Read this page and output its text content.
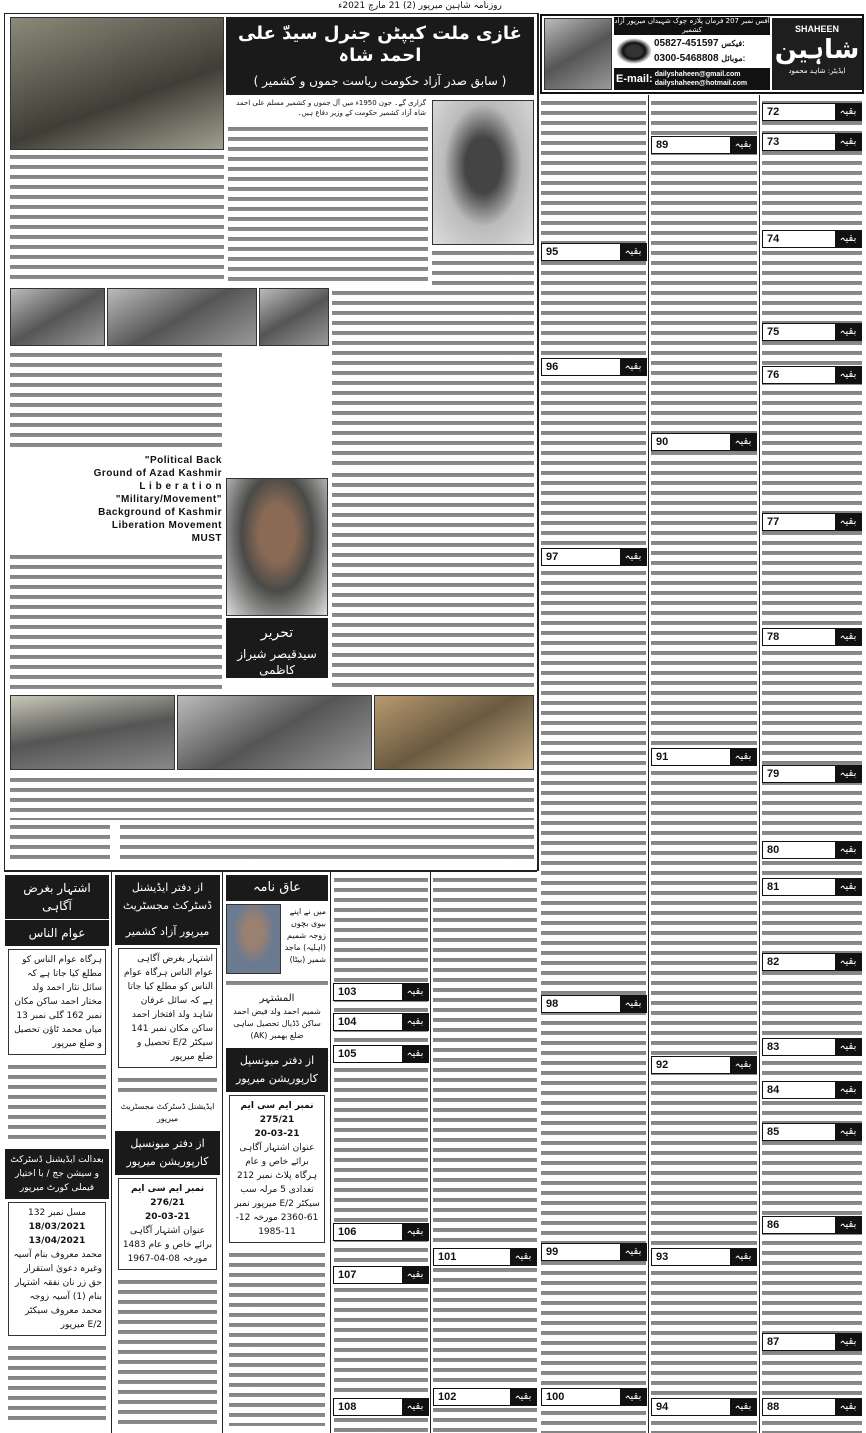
روزنامہ شاہین میرپور (2) 21 مارچ 2021ء
آفس نمبر 207 فرمان پلازہ چوک شہیداں میرپور آزاد کشمیر
05827-451597 فیکس:
0300-5468808 موبائل:
E-mail: dailyshaheen@gmail.com
dailyshaheen@hotmail.com
SHAHEEN
شاہین
ایڈیٹر: شاہد محمود
غازی ملت کیپٹن جنرل سیدّ علی احمد شاہ
( سابق صدر آزاد حکومت ریاست جموں و کشمیر )
گزاری گے۔ جون 1950ء میں آل جموں و کشمیر مسلم علی احمد شاہ آزاد کشمیر حکومت کے وزیر دفاع ہیں۔
"Political Back
Ground of Azad Kashmir
L i b e r a t i o n
"Military/Movement"
Background of Kashmir
Liberation Movement
MUST
تحریر
سیدقیصر شیراز کاظمی
اشتہار بغرض آگاہی
عوام الناس
ہرگاہ عوام الناس کو مطلع کیا جاتا ہے کہ سائل نثار احمد ولد مختار احمد ساکن مکان نمبر 162 گلی نمبر 13 میاں محمد ٹاؤن تحصیل و ضلع میرپور
بعدالت ایڈیشنل ڈسٹرکٹ و سیشن جج / با اختیار فیملی کورٹ میرپور
مسل نمبر 132
18/03/2021
13/04/2021
محمد معروف بنام آسیہ وغیرہ دعویٰ استقرار حق زر نان نفقہ اشتہار بنام (1) آسیہ زوجہ محمد معروف سیکٹر E/2 میرپور
از دفتر ایڈیشنل ڈسٹرکٹ مجسٹریٹ
میرپور آزاد کشمیر
اشتہار بغرض آگاہی عوام الناس ہرگاہ عوام الناس کو مطلع کیا جاتا ہے کہ سائل عرفان شاہد ولد افتخار احمد ساکن مکان نمبر 141 سیکٹر E/2 تحصیل و ضلع میرپور
ایڈیشنل ڈسٹرکٹ مجسٹریٹ میرپور
از دفتر میونسپل کارپوریشن میرپور
نمبر ایم سی ایم 276/21
20-03-21
عنوان اشتہار آگاہی برائے خاص و عام 1483 مورخہ 08-04-1967
عاق نامہ
میں نے اپنے بیوی بچوں زوجہ شمیم (اہلیہ) ماجد شمیر (بیٹا)
المشتہر
شمیم احمد ولد فیض احمد ساکن ڈڈیال تحصیل ساہی ضلع بھمبر (AK)
از دفتر میونسپل کارپوریشن میرپور
نمبر ایم سی ایم 275/21
20-03-21
عنوان اشتہار آگاہی برائے خاص و عام ہرگاہ پلاٹ نمبر 212 تعدادی 5 مرلہ سب سیکٹر E/2 میرپور نمبر 61-2360 مورخہ 12-11-1985
72	بقیہ
73	بقیہ
74	بقیہ
75	بقیہ
76	بقیہ
77	بقیہ
78	بقیہ
79	بقیہ
80	بقیہ
81	بقیہ
82	بقیہ
83	بقیہ
84	بقیہ
85	بقیہ
86	بقیہ
87	بقیہ
88	بقیہ
89	بقیہ
90	بقیہ
91	بقیہ
92	بقیہ
93	بقیہ
94	بقیہ
95	بقیہ
96	بقیہ
97	بقیہ
98	بقیہ
99	بقیہ
100	بقیہ
101	بقیہ
102	بقیہ
103	بقیہ
104	بقیہ
105	بقیہ
106	بقیہ
107	بقیہ
108	بقیہ
